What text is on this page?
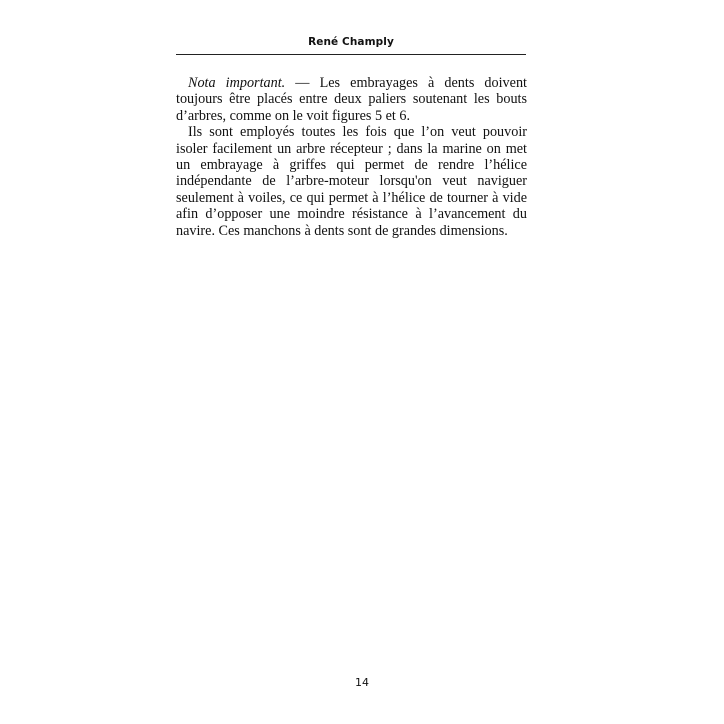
René Champly

Nota important. — Les embrayages à dents doivent toujours être placés entre deux paliers soutenant les bouts d’arbres, comme on le voit figures 5 et 6.

Ils sont employés toutes les fois que l’on veut pouvoir isoler facilement un arbre récepteur ; dans la marine on met un embrayage à griffes qui permet de rendre l’hélice indépendante de l’arbre-moteur lorsqu'on veut naviguer seulement à voiles, ce qui permet à l’hélice de tourner à vide afin d’opposer une moindre résistance à l’avancement du navire. Ces manchons à dents sont de grandes dimensions.

14
